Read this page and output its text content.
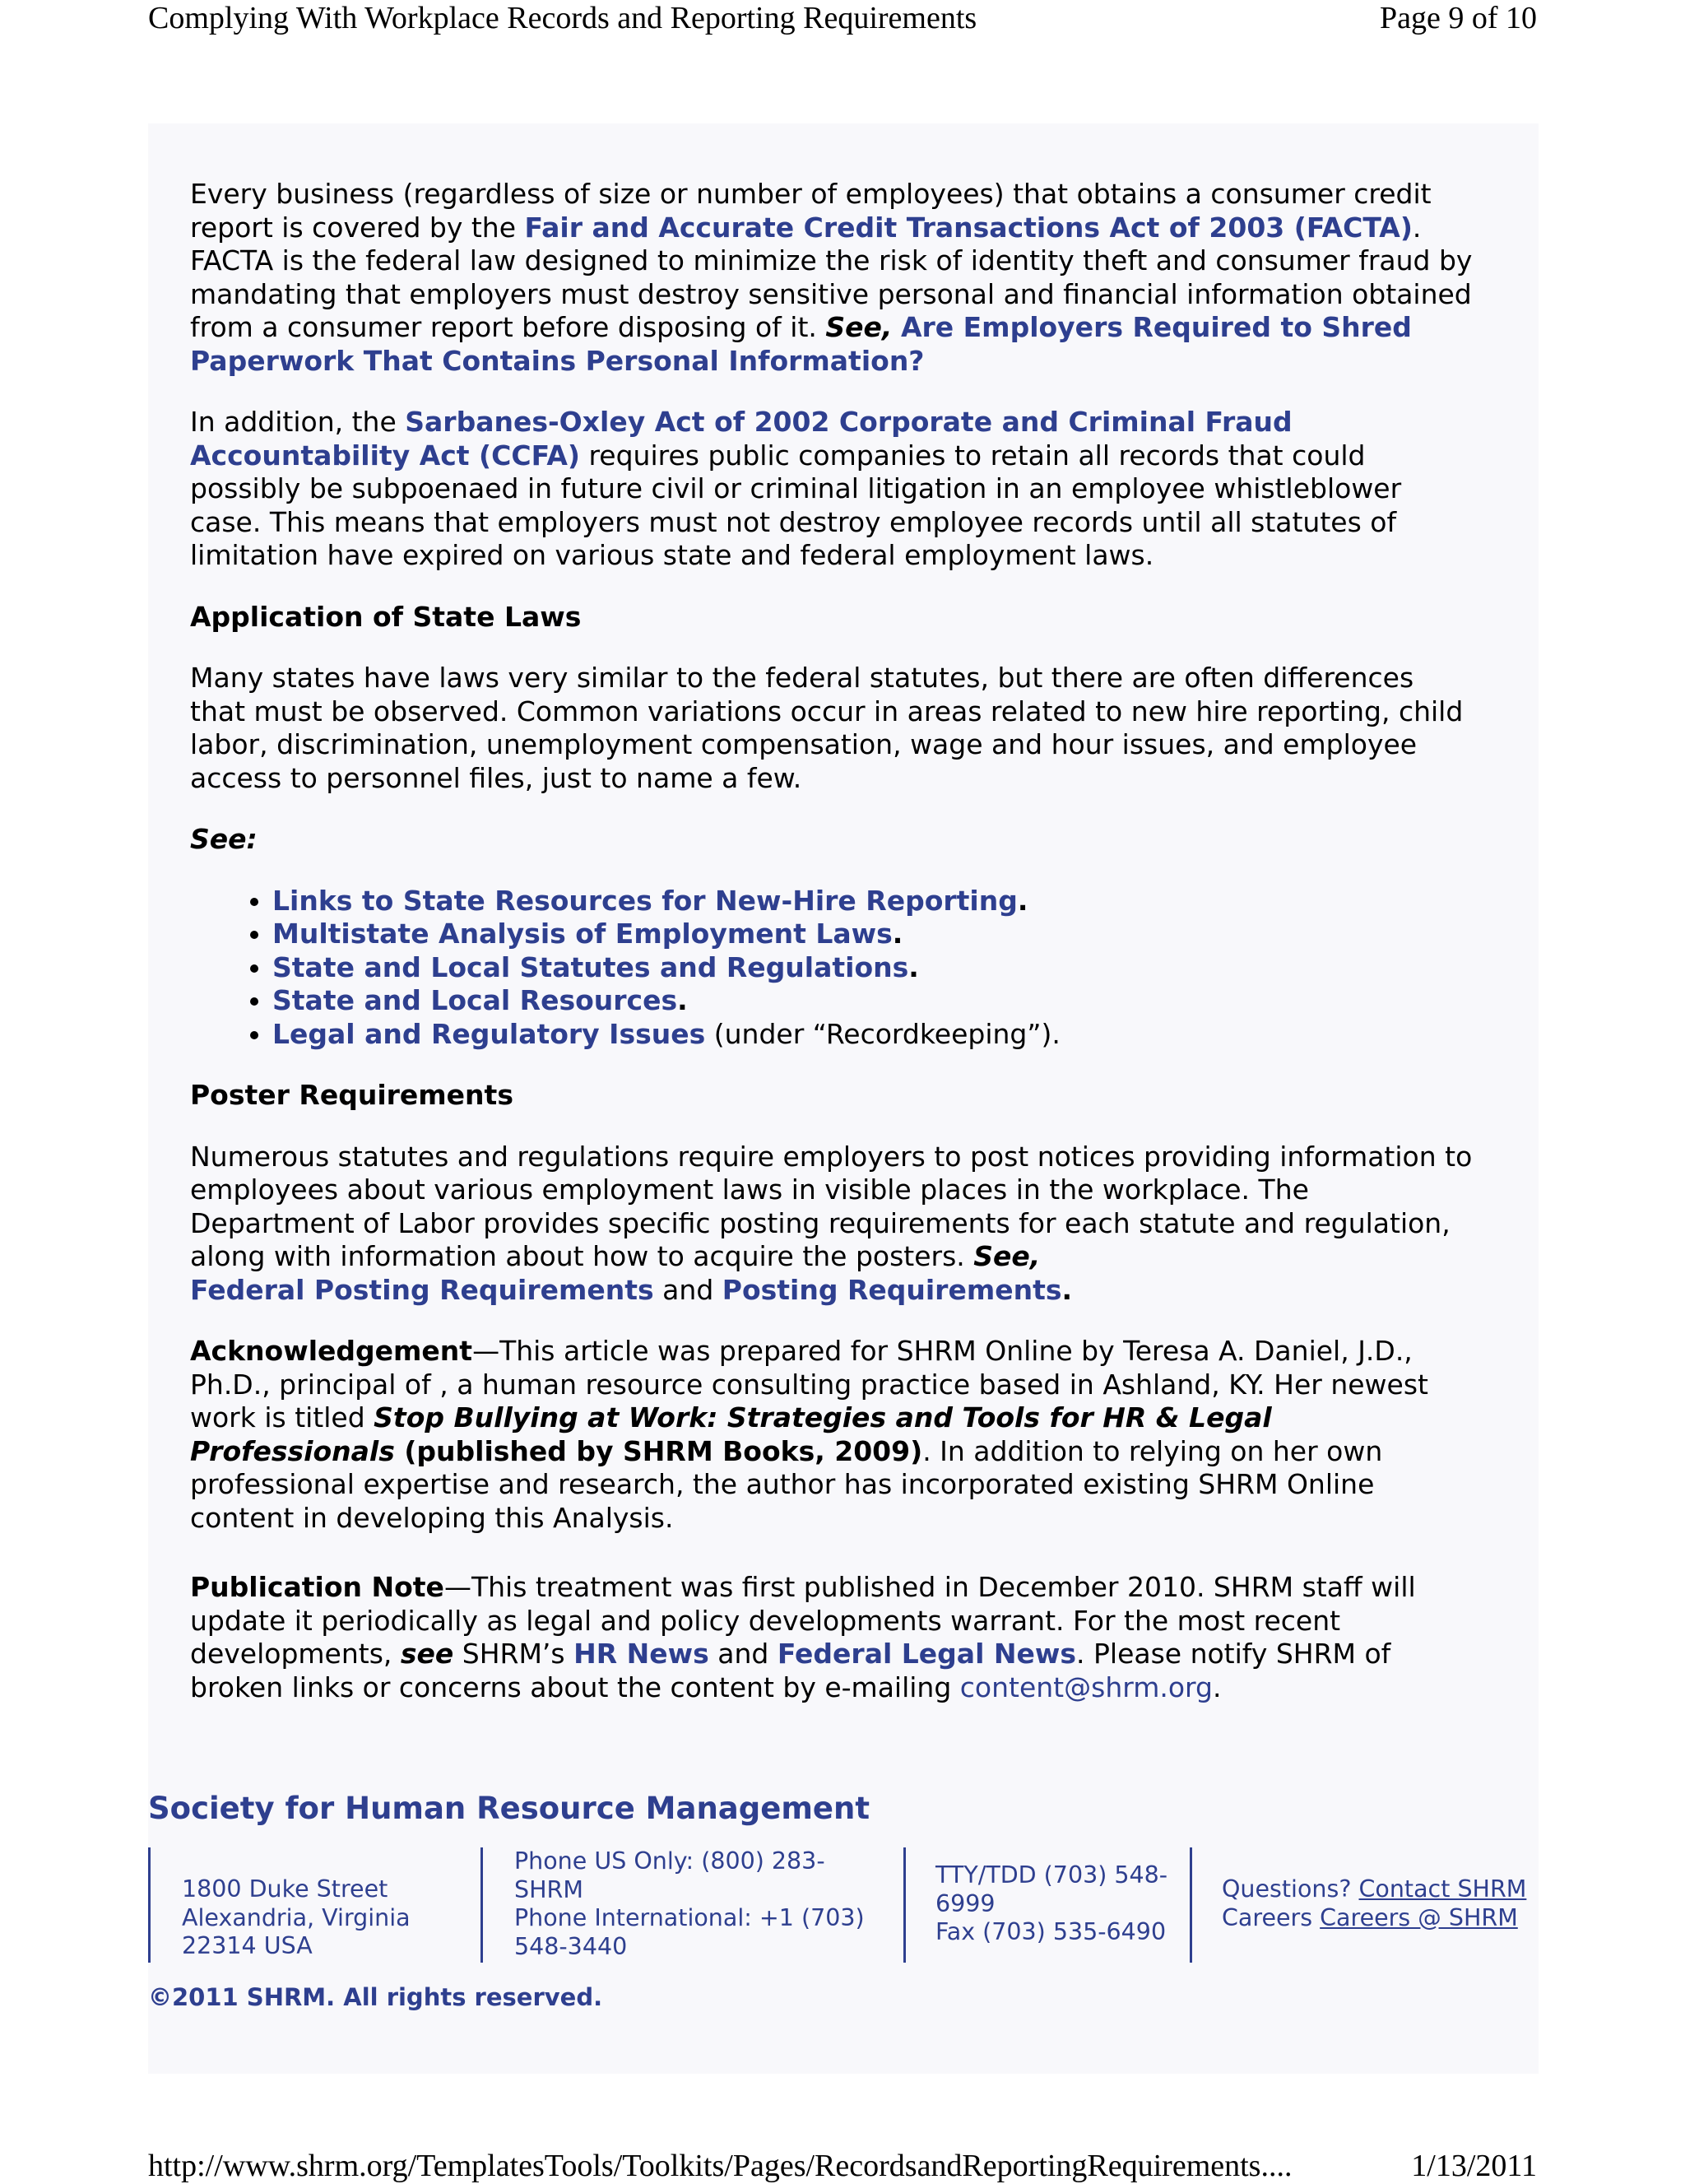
Complying With Workplace Records and Reporting Requirements	Page 9 of 10

Every business (regardless of size or number of employees) that obtains a consumer credit report is covered by the Fair and Accurate Credit Transactions Act of 2003 (FACTA). FACTA is the federal law designed to minimize the risk of identity theft and consumer fraud by mandating that employers must destroy sensitive personal and financial information obtained from a consumer report before disposing of it. See, Are Employers Required to Shred Paperwork That Contains Personal Information?

In addition, the Sarbanes-Oxley Act of 2002 Corporate and Criminal Fraud Accountability Act (CCFA) requires public companies to retain all records that could possibly be subpoenaed in future civil or criminal litigation in an employee whistleblower case. This means that employers must not destroy employee records until all statutes of limitation have expired on various state and federal employment laws.

Application of State Laws

Many states have laws very similar to the federal statutes, but there are often differences that must be observed. Common variations occur in areas related to new hire reporting, child labor, discrimination, unemployment compensation, wage and hour issues, and employee access to personnel files, just to name a few.

See:

• Links to State Resources for New-Hire Reporting.
• Multistate Analysis of Employment Laws.
• State and Local Statutes and Regulations.
• State and Local Resources.
• Legal and Regulatory Issues (under “Recordkeeping”).

Poster Requirements

Numerous statutes and regulations require employers to post notices providing information to employees about various employment laws in visible places in the workplace. The Department of Labor provides specific posting requirements for each statute and regulation, along with information about how to acquire the posters. See,
Federal Posting Requirements and Posting Requirements.

Acknowledgement—This article was prepared for SHRM Online by Teresa A. Daniel, J.D., Ph.D., principal of , a human resource consulting practice based in Ashland, KY. Her newest work is titled Stop Bullying at Work: Strategies and Tools for HR & Legal Professionals (published by SHRM Books, 2009). In addition to relying on her own professional expertise and research, the author has incorporated existing SHRM Online content in developing this Analysis.

Publication Note—This treatment was first published in December 2010. SHRM staff will update it periodically as legal and policy developments warrant. For the most recent developments, see SHRM’s HR News and Federal Legal News. Please notify SHRM of broken links or concerns about the content by e-mailing content@shrm.org.

Society for Human Resource Management
1800 Duke Street
Alexandria, Virginia
22314 USA
Phone US Only: (800) 283-
SHRM
Phone International: +1 (703)
548-3440
TTY/TDD (703) 548-
6999
Fax (703) 535-6490
Questions? Contact SHRM
Careers Careers @ SHRM
©2011 SHRM. All rights reserved.
http://www.shrm.org/TemplatesTools/Toolkits/Pages/RecordsandReportingRequirements....	1/13/2011
